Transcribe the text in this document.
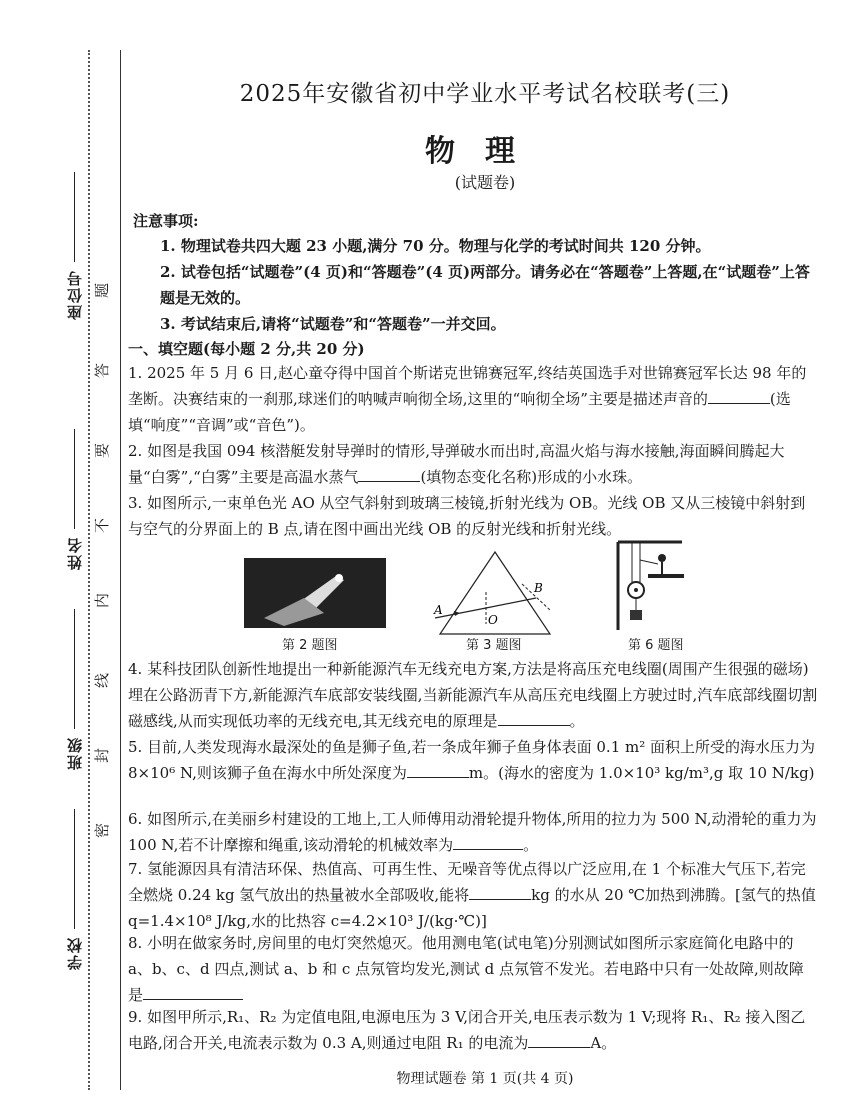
座位号
姓名
班级
学校
题
答
要
不
内
线
封
密
2025年安徽省初中学业水平考试名校联考(三)
物理
(试题卷)
注意事项:
1. 物理试卷共四大题 23 小题,满分 70 分。物理与化学的考试时间共 120 分钟。
2. 试卷包括“试题卷”(4 页)和“答题卷”(4 页)两部分。请务必在“答题卷”上答题,在“试题卷”上答题是无效的。
3. 考试结束后,请将“试题卷”和“答题卷”一并交回。
一、填空题(每小题 2 分,共 20 分)
1. 2025 年 5 月 6 日,赵心童夺得中国首个斯诺克世锦赛冠军,终结英国选手对世锦赛冠军长达 98 年的垄断。决赛结束的一刹那,球迷们的呐喊声响彻全场,这里的“响彻全场”主要是描述声音的	(选填“响度”“音调”或“音色”)。
2. 如图是我国 094 核潜艇发射导弹时的情形,导弹破水而出时,高温火焰与海水接触,海面瞬间腾起大量“白雾”,“白雾”主要是高温水蒸气	(填物态变化名称)形成的小水珠。
3. 如图所示,一束单色光 AO 从空气斜射到玻璃三棱镜,折射光线为 OB。光线 OB 又从三棱镜中斜射到与空气的分界面上的 B 点,请在图中画出光线 OB 的反射光线和折射光线。
第 2 题图
A
O
B
第 3 题图	第 6 题图
4. 某科技团队创新性地提出一种新能源汽车无线充电方案,方法是将高压充电线圈(周围产生很强的磁场)埋在公路沥青下方,新能源汽车底部安装线圈,当新能源汽车从高压充电线圈上方驶过时,汽车底部线圈切割磁感线,从而实现低功率的无线充电,其无线充电的原理是	。
5. 目前,人类发现海水最深处的鱼是狮子鱼,若一条成年狮子鱼身体表面 0.1 m² 面积上所受的海水压力为 8×10⁶ N,则该狮子鱼在海水中所处深度为	m。(海水的密度为 1.0×10³ kg/m³,g 取 10 N/kg)
6. 如图所示,在美丽乡村建设的工地上,工人师傅用动滑轮提升物体,所用的拉力为 500 N,动滑轮的重力为 100 N,若不计摩擦和绳重,该动滑轮的机械效率为	。
7. 氢能源因具有清洁环保、热值高、可再生性、无噪音等优点得以广泛应用,在 1 个标准大气压下,若完全燃烧 0.24 kg 氢气放出的热量被水全部吸收,能将	kg 的水从 20 ℃加热到沸腾。[氢气的热值 q=1.4×10⁸ J/kg,水的比热容 c=4.2×10³ J/(kg·℃)]
8. 小明在做家务时,房间里的电灯突然熄灭。他用测电笔(试电笔)分别测试如图所示家庭简化电路中的 a、b、c、d 四点,测试 a、b 和 c 点氖管均发光,测试 d 点氖管不发光。若电路中只有一处故障,则故障是
9. 如图甲所示,R₁、R₂ 为定值电阻,电源电压为 3 V,闭合开关,电压表示数为 1 V;现将 R₁、R₂ 接入图乙电路,闭合开关,电流表示数为 0.3 A,则通过电阻 R₁ 的电流为	A。
物理试题卷 第 1 页(共 4 页)
